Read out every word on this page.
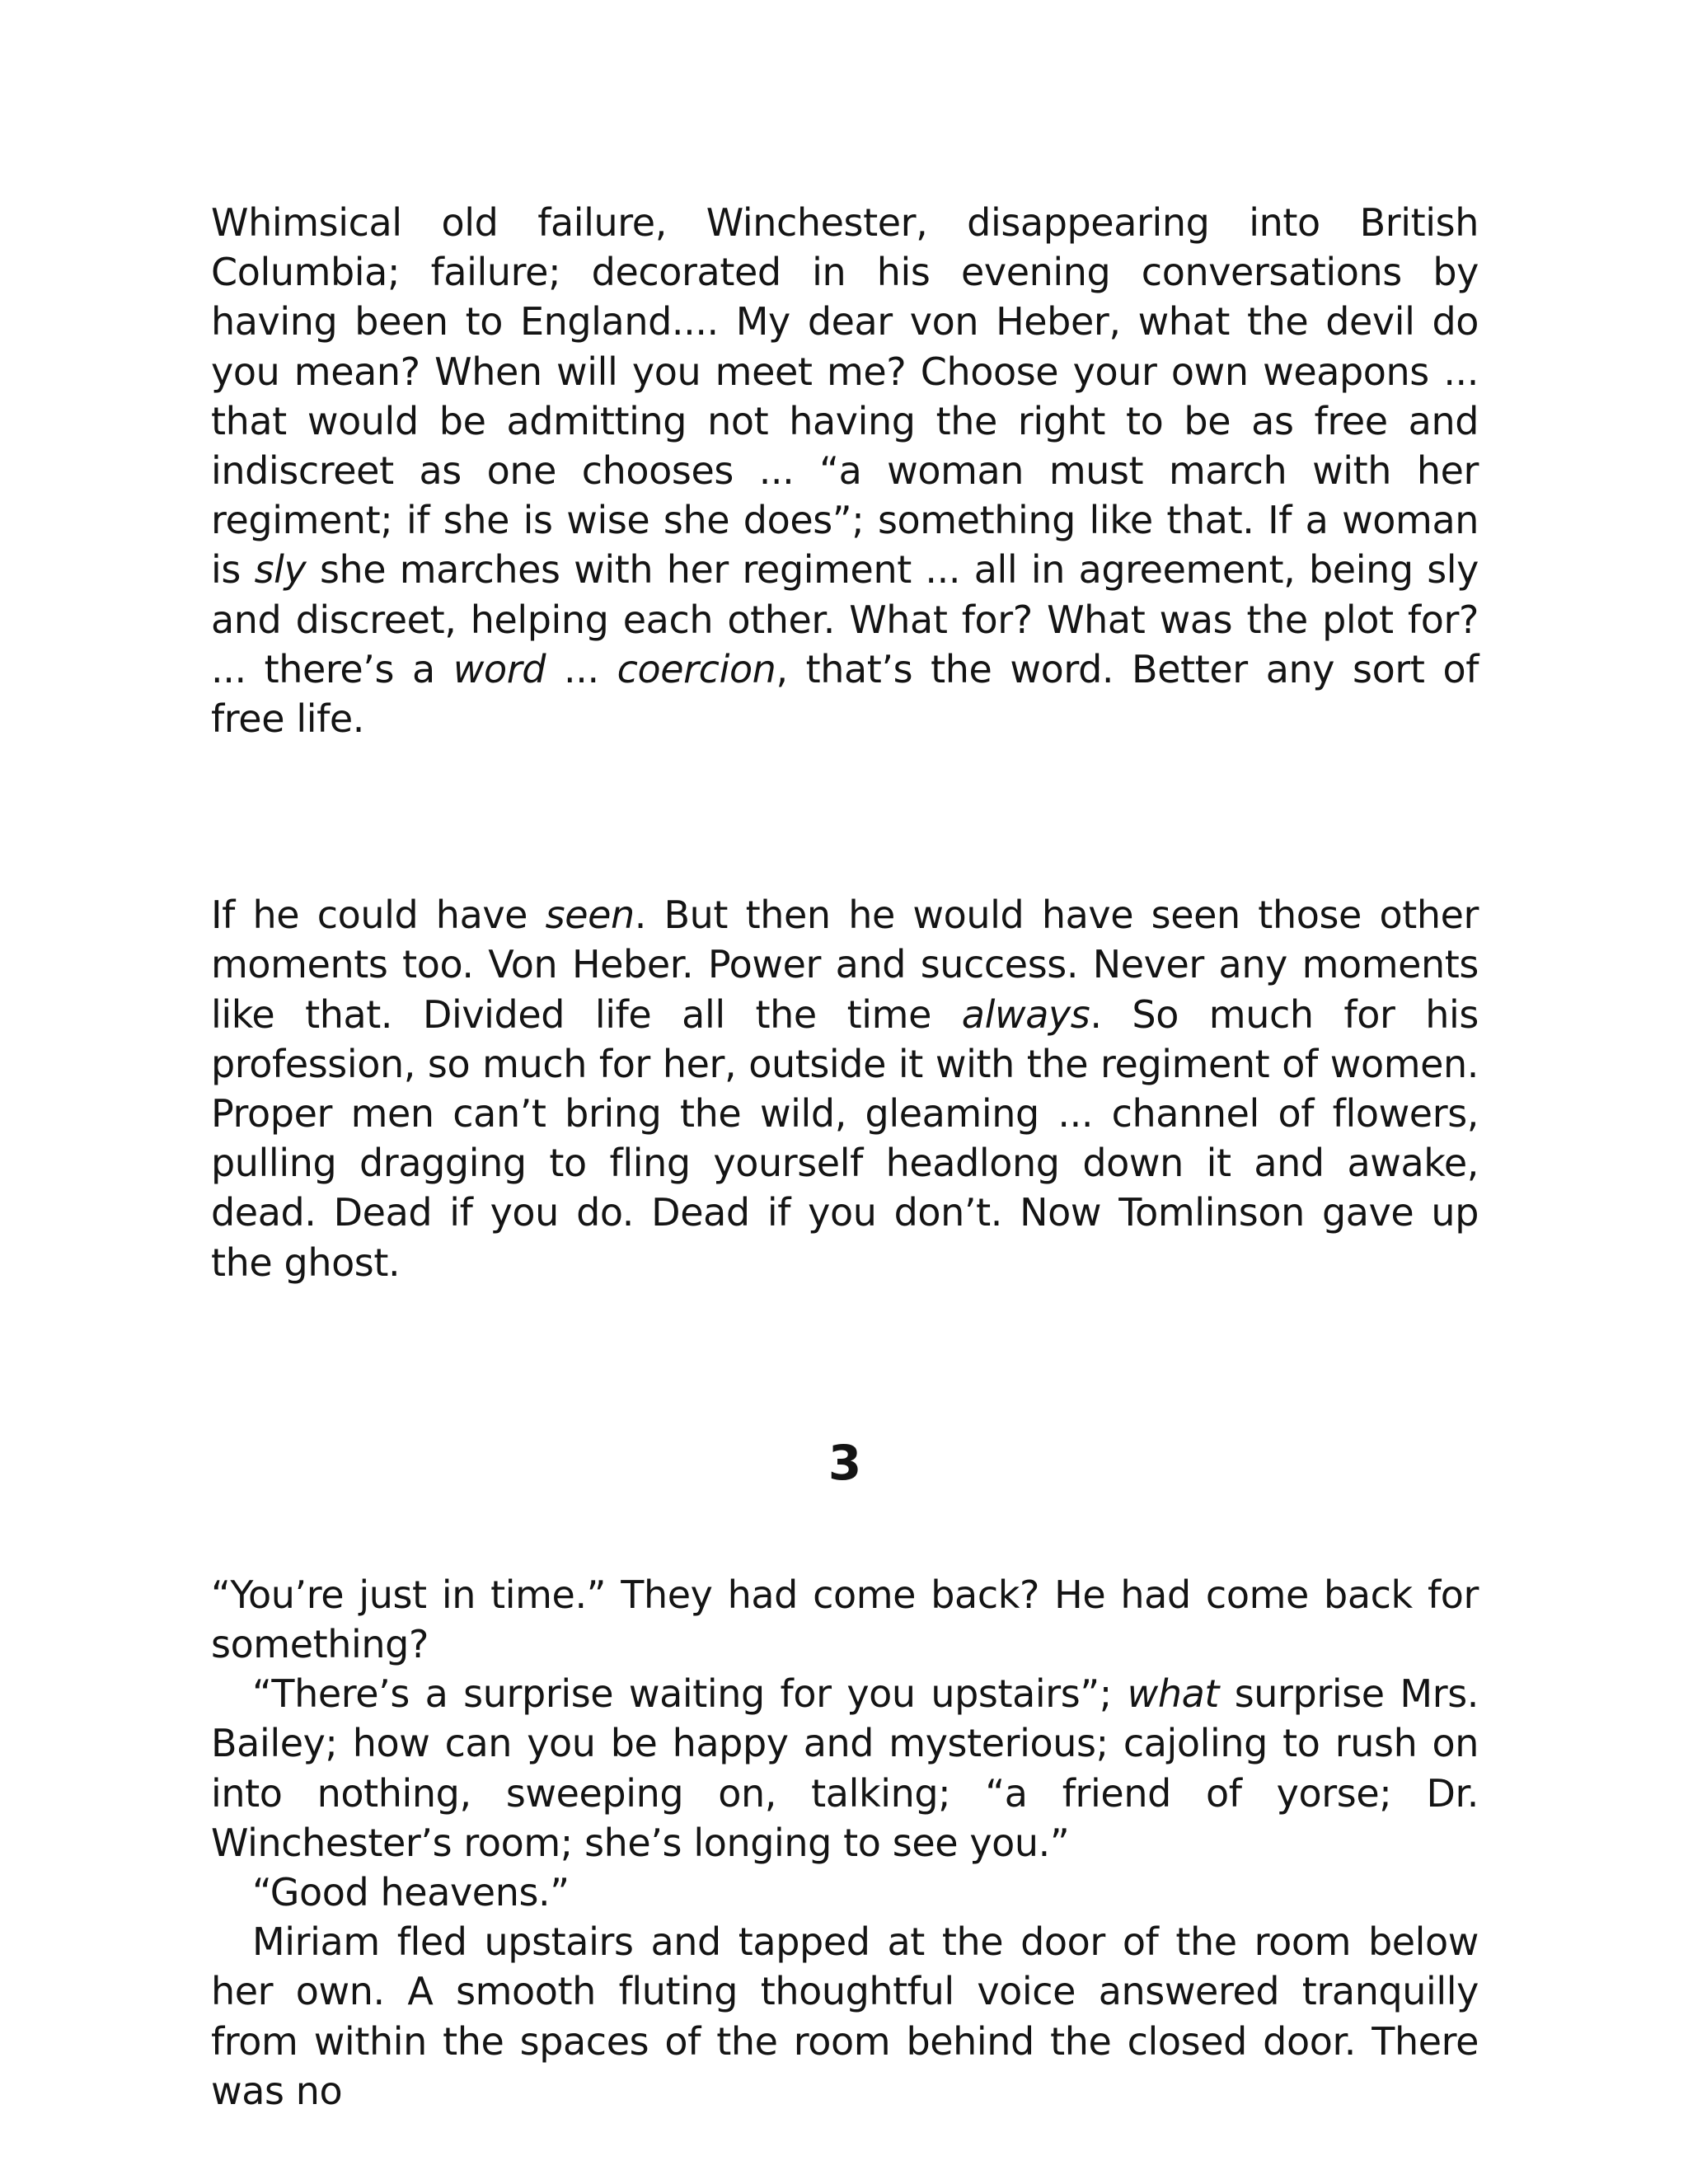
Whimsical old failure, Winchester, disappearing into British Columbia; failure; decorated in his evening conversations by having been to England.... My dear von Heber, what the devil do you mean? When will you meet me? Choose your own weapons ... that would be admitting not having the right to be as free and indiscreet as one chooses ... “a woman must march with her regiment; if she is wise she does”; something like that. If a woman is sly she marches with her regiment ... all in agreement, being sly and discreet, helping each other. What for? What was the plot for? ... there’s a word ... coercion, that’s the word. Better any sort of free life.

If he could have seen. But then he would have seen those other moments too. Von Heber. Power and success. Never any moments like that. Divided life all the time always. So much for his profession, so much for her, outside it with the regiment of women. Proper men can’t bring the wild, gleaming ... channel of flowers, pulling dragging to fling yourself headlong down it and awake, dead. Dead if you do. Dead if you don’t. Now Tomlinson gave up the ghost.

3

“You’re just in time.” They had come back? He had come back for something?

“There’s a surprise waiting for you upstairs”; what surprise Mrs. Bailey; how can you be happy and mysterious; cajoling to rush on into nothing, sweeping on, talking; “a friend of yorse; Dr. Winchester’s room; she’s longing to see you.”

“Good heavens.”

Miriam fled upstairs and tapped at the door of the room below her own. A smooth fluting thoughtful voice answered tranquilly from within the spaces of the room behind the closed door. There was no
